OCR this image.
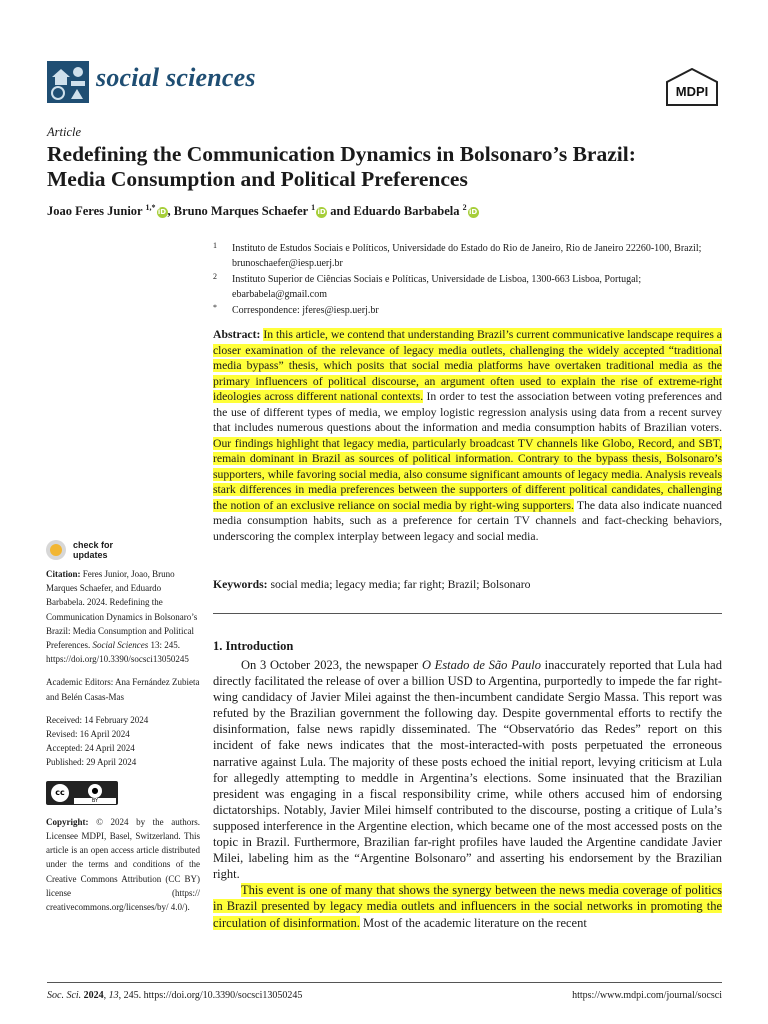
social sciences	MDPI
Article
Redefining the Communication Dynamics in Bolsonaro’s Brazil:
Media Consumption and Political Preferences
Joao Feres Junior $^{1,*}$iD, Bruno Marques Schaefer $^1$iD and Eduardo Barbabela $^2$iD
1 Instituto de Estudos Sociais e Políticos, Universidade do Estado do Rio de Janeiro, Rio de Janeiro 22260-100, Brazil; brunoschaefer@iesp.uerj.br
2 Instituto Superior de Ciências Sociais e Políticas, Universidade de Lisboa, 1300-663 Lisboa, Portugal; ebarbabela@gmail.com
* Correspondence: jferes@iesp.uerj.br
Abstract: In this article, we contend that understanding Brazil’s current communicative landscape requires a closer examination of the relevance of legacy media outlets, challenging the widely accepted “traditional media bypass” thesis, which posits that social media platforms have overtaken traditional media as the primary influencers of political discourse, an argument often used to explain the rise of extreme-right ideologies across different national contexts. In order to test the association between voting preferences and the use of different types of media, we employ logistic regression analysis using data from a recent survey that includes numerous questions about the information and media consumption habits of Brazilian voters. Our findings highlight that legacy media, particularly broadcast TV channels like Globo, Record, and SBT, remain dominant in Brazil as sources of political information. Contrary to the bypass thesis, Bolsonaro’s supporters, while favoring social media, also consume significant amounts of legacy media. Analysis reveals stark differences in media preferences between the supporters of different political candidates, challenging the notion of an exclusive reliance on social media by right-wing supporters. The data also indicate nuanced media consumption habits, such as a preference for certain TV channels and fact-checking behaviors, underscoring the complex interplay between legacy and social media.
Keywords: social media; legacy media; far right; Brazil; Bolsonaro
check for
updates
Citation: Feres Junior, Joao, Bruno Marques Schaefer, and Eduardo Barbabela. 2024. Redefining the Communication Dynamics in Bolsonaro’s Brazil: Media Consumption and Political Preferences. Social Sciences 13: 245. https://doi.org/10.3390/socsci13050245
Academic Editors: Ana Fernández Zubieta and Belén Casas-Mas
Received: 14 February 2024
Revised: 16 April 2024
Accepted: 24 April 2024
Published: 29 April 2024
cc	●
BY
Copyright: © 2024 by the authors. Licensee MDPI, Basel, Switzerland. This article is an open access article distributed under the terms and conditions of the Creative Commons Attribution (CC BY) license (https:// creativecommons.org/licenses/by/ 4.0/).
1. Introduction

On 3 October 2023, the newspaper O Estado de São Paulo inaccurately reported that Lula had directly facilitated the release of over a billion USD to Argentina, purportedly to impede the far right-wing candidacy of Javier Milei against the then-incumbent candidate Sergio Massa. This report was refuted by the Brazilian government the following day. Despite governmental efforts to rectify the disinformation, false news rapidly disseminated. The “Observatório das Redes” report on this incident of fake news indicates that the most-interacted-with posts perpetuated the erroneous narrative against Lula. The majority of these posts echoed the initial report, levying criticism at Lula for allegedly attempting to meddle in Argentina’s elections. Some insinuated that the Brazilian president was engaging in a fiscal responsibility crime, while others accused him of endorsing dictatorships. Notably, Javier Milei himself contributed to the discourse, posting a critique of Lula’s supposed interference in the Argentine election, which became one of the most accessed posts on the topic in Brazil. Furthermore, Brazilian far-right profiles have lauded the Argentine candidate Javier Milei, labeling him as the “Argentine Bolsonaro” and asserting his endorsement by the Brazilian right.

This event is one of many that shows the synergy between the news media coverage of politics in Brazil presented by legacy media outlets and influencers in the social networks in promoting the circulation of disinformation. Most of the academic literature on the recent

Soc. Sci. 2024, 13, 245. https://doi.org/10.3390/socsci13050245	https://www.mdpi.com/journal/socsci
